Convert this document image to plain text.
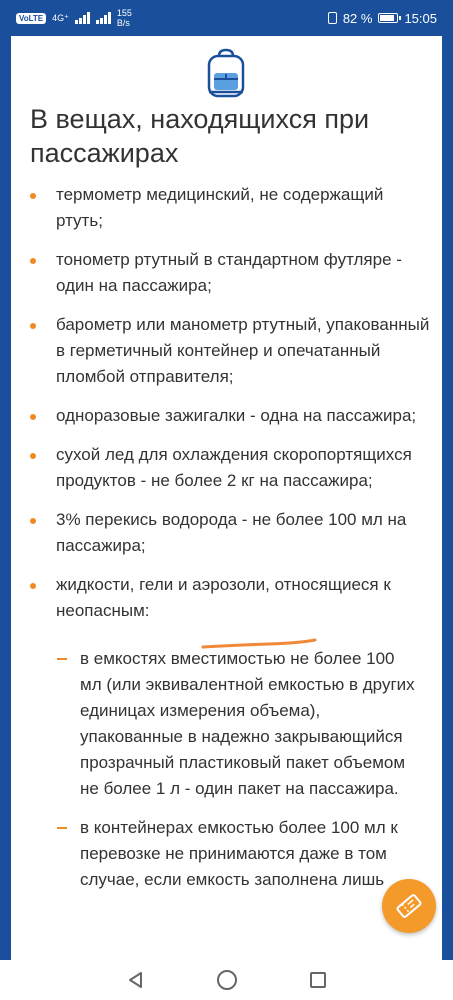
VoLTE	4G⁺	155
B/s	82 % 15:05
В вещах, находящихся при пассажирах
термометр медицинский, не содержащий ртуть;
тонометр ртутный в стандартном футляре - один на пассажира;
барометр или манометр ртутный, упакованный в герметичный контейнер и опечатанный пломбой отправителя;
одноразовые зажигалки - одна на пассажира;
сухой лед для охлаждения скоропортящихся продуктов - не более 2 кг на пассажира;
3% перекись водорода - не более 100 мл на пассажира;
жидкости, гели и аэрозоли, относящиеся к неопасным:
в емкостях вместимостью не более 100 мл (или эквивалентной емкостью в других единицах измерения объема), упакованные в надежно закрывающийся прозрачный пластиковый пакет объемом не более 1 л - один пакет на пассажира.
в контейнерах емкостью более 100 мл к перевозке не принимаются даже в том случае, если емкость заполнена лишь
